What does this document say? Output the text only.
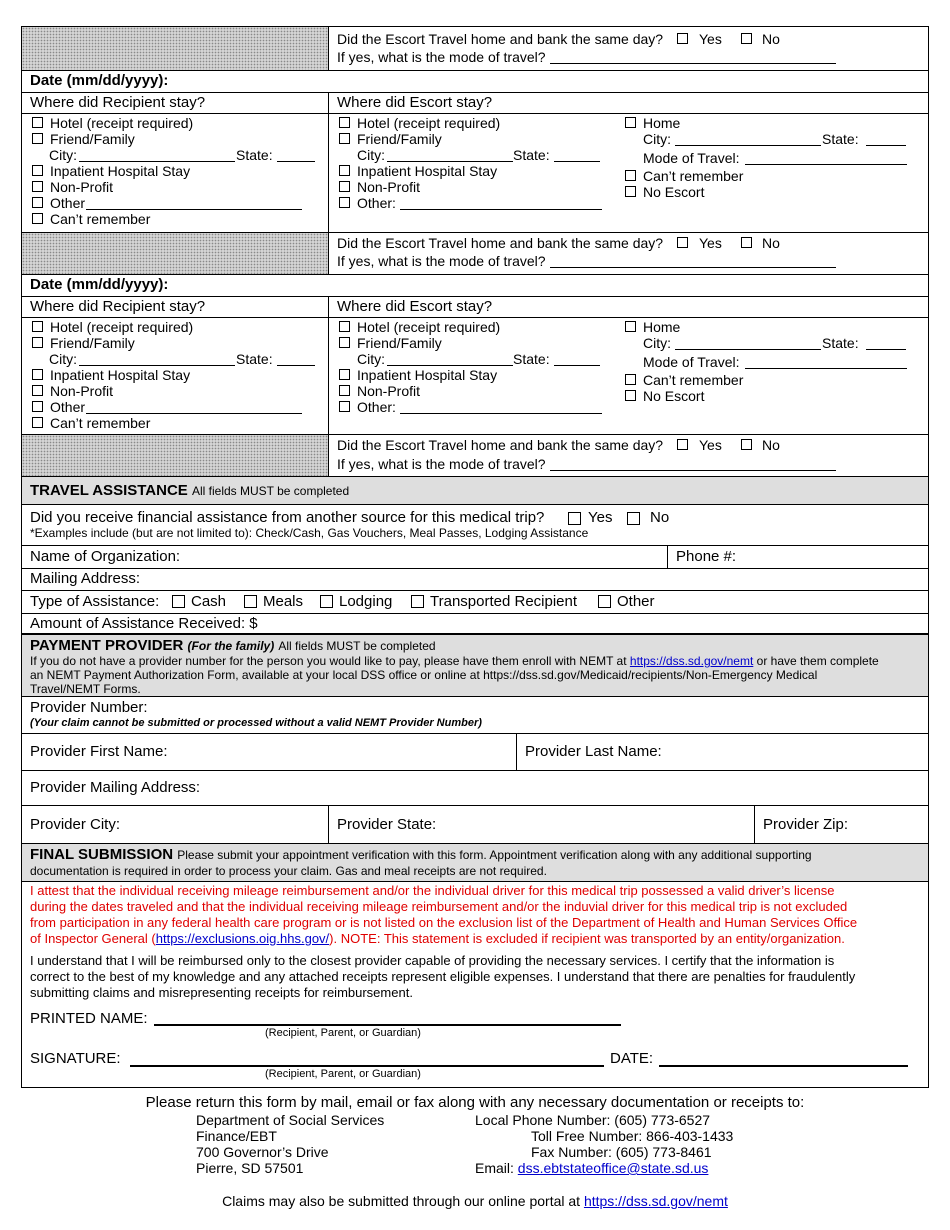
Did the Escort Travel home and bank the same day?	Yes	No
If yes, what is the mode of travel?
Date (mm/dd/yyyy):
Where did Recipient stay?	Where did Escort stay?
Hotel (receipt required)
Friend/Family
City:	State:
Inpatient Hospital Stay
Non-Profit
Other
Can’t remember
Hotel (receipt required)
Friend/Family
City:	State:
Inpatient Hospital Stay
Non-Profit
Other:
Home
City:	State:
Mode of Travel:
Can’t remember
No Escort
Did the Escort Travel home and bank the same day?	Yes	No
If yes, what is the mode of travel?
Date (mm/dd/yyyy):
Where did Recipient stay?	Where did Escort stay?
Hotel (receipt required)
Friend/Family
City:	State:
Inpatient Hospital Stay
Non-Profit
Other
Can’t remember
Hotel (receipt required)
Friend/Family
City:	State:
Inpatient Hospital Stay
Non-Profit
Other:
Home
City:	State:
Mode of Travel:
Can’t remember
No Escort
Did the Escort Travel home and bank the same day?	Yes	No
If yes, what is the mode of travel?
TRAVEL ASSISTANCE All fields MUST be completed
Did you receive financial assistance from another source for this medical trip?	Yes	No
*Examples include (but are not limited to): Check/Cash, Gas Vouchers, Meal Passes, Lodging Assistance
Name of Organization:	Phone #:
Mailing Address:
Type of Assistance: Cash Meals Lodging	Transported Recipient	Other
Amount of Assistance Received: $
PAYMENT PROVIDER (For the family) All fields MUST be completed
If you do not have a provider number for the person you would like to pay, please have them enroll with NEMT at https://dss.sd.gov/nemt or have them complete
an NEMT Payment Authorization Form, available at your local DSS office or online at https://dss.sd.gov/Medicaid/recipients/Non-Emergency Medical
Travel/NEMT Forms.
Provider Number:
(Your claim cannot be submitted or processed without a valid NEMT Provider Number)
Provider First Name:	Provider Last Name:
Provider Mailing Address:
Provider City:	Provider State:	Provider Zip:
FINAL SUBMISSION Please submit your appointment verification with this form. Appointment verification along with any additional supporting
documentation is required in order to process your claim. Gas and meal receipts are not required.
I attest that the individual receiving mileage reimbursement and/or the individual driver for this medical trip possessed a valid driver’s license
during the dates traveled and that the individual receiving mileage reimbursement and/or the induvial driver for this medical trip is not excluded
from participation in any federal health care program or is not listed on the exclusion list of the Department of Health and Human Services Office
of Inspector General (https://exclusions.oig.hhs.gov/). NOTE: This statement is excluded if recipient was transported by an entity/organization.
I understand that I will be reimbursed only to the closest provider capable of providing the necessary services. I certify that the information is
correct to the best of my knowledge and any attached receipts represent eligible expenses. I understand that there are penalties for fraudulently
submitting claims and misrepresenting receipts for reimbursement.
PRINTED NAME:
(Recipient, Parent, or Guardian)
SIGNATURE:	DATE:
(Recipient, Parent, or Guardian)
Please return this form by mail, email or fax along with any necessary documentation or receipts to:
Department of Social Services
Finance/EBT
700 Governor’s Drive
Pierre, SD 57501
Local Phone Number: (605) 773-6527
Toll Free Number: 866-403-1433
Fax Number: (605) 773-8461
Email: dss.ebtstateoffice@state.sd.us
Claims may also be submitted through our online portal at https://dss.sd.gov/nemt
